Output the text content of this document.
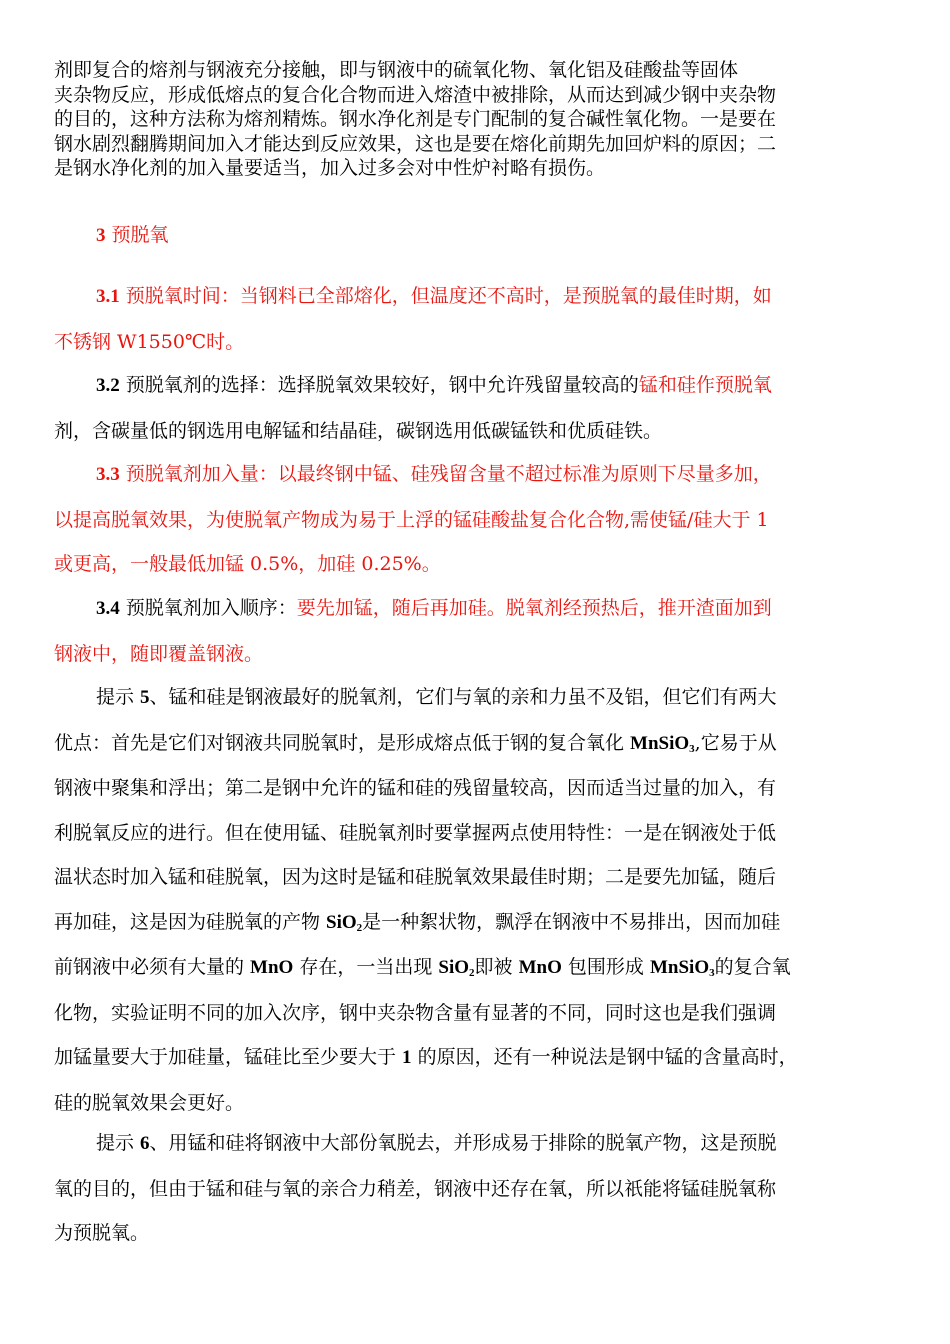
剂即复合的熔剂与钢液充分接触，即与钢液中的硫氧化物、氧化铝及硅酸盐等固体
夹杂物反应，形成低熔点的复合化合物而进入熔渣中被排除，从而达到减少钢中夹杂物
的目的，这种方法称为熔剂精炼。钢水净化剂是专门配制的复合碱性氧化物。一是要在
钢水剧烈翻腾期间加入才能达到反应效果，这也是要在熔化前期先加回炉料的原因；二
是钢水净化剂的加入量要适当，加入过多会对中性炉衬略有损伤。
3 预脱氧
3.1 预脱氧时间：当钢料已全部熔化，但温度还不高时，是预脱氧的最佳时期，如
不锈钢 W1550℃时。
3.2 预脱氧剂的选择：选择脱氧效果较好，钢中允许残留量较高的锰和硅作预脱氧
剂，含碳量低的钢选用电解锰和结晶硅，碳钢选用低碳锰铁和优质硅铁。
3.3 预脱氧剂加入量：以最终钢中锰、硅残留含量不超过标准为原则下尽量多加，
以提高脱氧效果，为使脱氧产物成为易于上浮的锰硅酸盐复合化合物,需使锰/硅大于 1
或更高，一般最低加锰 0.5%，加硅 0.25%。
3.4 预脱氧剂加入顺序：要先加锰，随后再加硅。脱氧剂经预热后，推开渣面加到
钢液中，随即覆盖钢液。
提示 5、锰和硅是钢液最好的脱氧剂，它们与氧的亲和力虽不及铝，但它们有两大
优点：首先是它们对钢液共同脱氧时，是形成熔点低于钢的复合氧化 MnSiO$_3$,它易于从
钢液中聚集和浮出；第二是钢中允许的锰和硅的残留量较高，因而适当过量的加入，有
利脱氧反应的进行。但在使用锰、硅脱氧剂时要掌握两点使用特性：一是在钢液处于低
温状态时加入锰和硅脱氧，因为这时是锰和硅脱氧效果最佳时期；二是要先加锰，随后
再加硅，这是因为硅脱氧的产物 SiO$_2$是一种絮状物，飘浮在钢液中不易排出，因而加硅
前钢液中必须有大量的 MnO 存在，一当出现 SiO$_2$即被 MnO 包围形成 MnSiO$_3$的复合氧
化物，实验证明不同的加入次序，钢中夹杂物含量有显著的不同，同时这也是我们强调
加锰量要大于加硅量，锰硅比至少要大于 1 的原因，还有一种说法是钢中锰的含量高时，
硅的脱氧效果会更好。
提示 6、用锰和硅将钢液中大部份氧脱去，并形成易于排除的脱氧产物，这是预脱
氧的目的，但由于锰和硅与氧的亲合力稍差，钢液中还存在氧，所以祇能将锰硅脱氧称
为预脱氧。
